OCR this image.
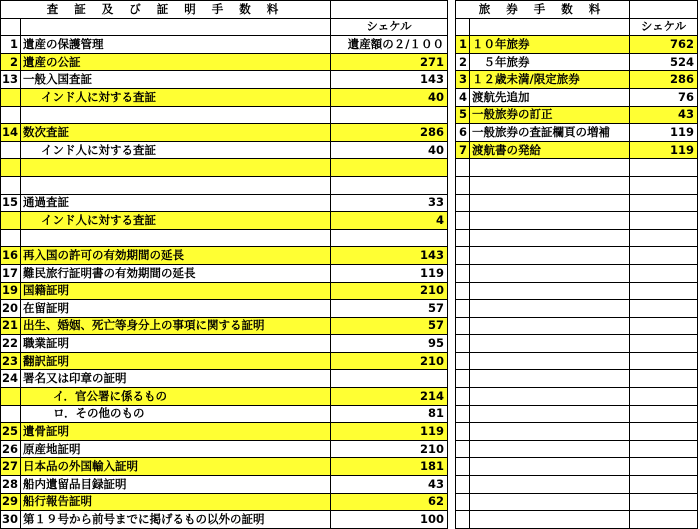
査 証 及 び 証 明 手 数 料		
		シェケル
1	遺産の保護管理	遺産額の２/１００
2	遺産の公証	271
13	一般入国査証	143
	インド人に対する査証	40

14	数次査証	286
	インド人に対する査証	40

15	通過査証	33
	インド人に対する査証	4

16	再入国の許可の有効期間の延長	143
17	難民旅行証明書の有効期間の延長	119
19	国籍証明	210
20	在留証明	57
21	出生、婚姻、死亡等身分上の事項に関する証明	57
22	職業証明	95
23	翻訳証明	210
24	署名又は印章の証明	
	イ．官公署に係るもの	214
	ロ．その他のもの	81
25	遺骨証明	119
26	原産地証明	210
27	日本品の外国輸入証明	181
28	船内遺留品目録証明	43
29	船行報告証明	62
30	第１９号から前号までに掲げるもの以外の証明	100
旅 券 手 数 料		
		シェケル
1	１０年旅券	762
2	　５年旅券	524
3	１２歳未満/限定旅券	286
4	渡航先追加	76
5	一般旅券の訂正	43
6	一般旅券の査証欄頁の増補	119
7	渡航書の発給	119
